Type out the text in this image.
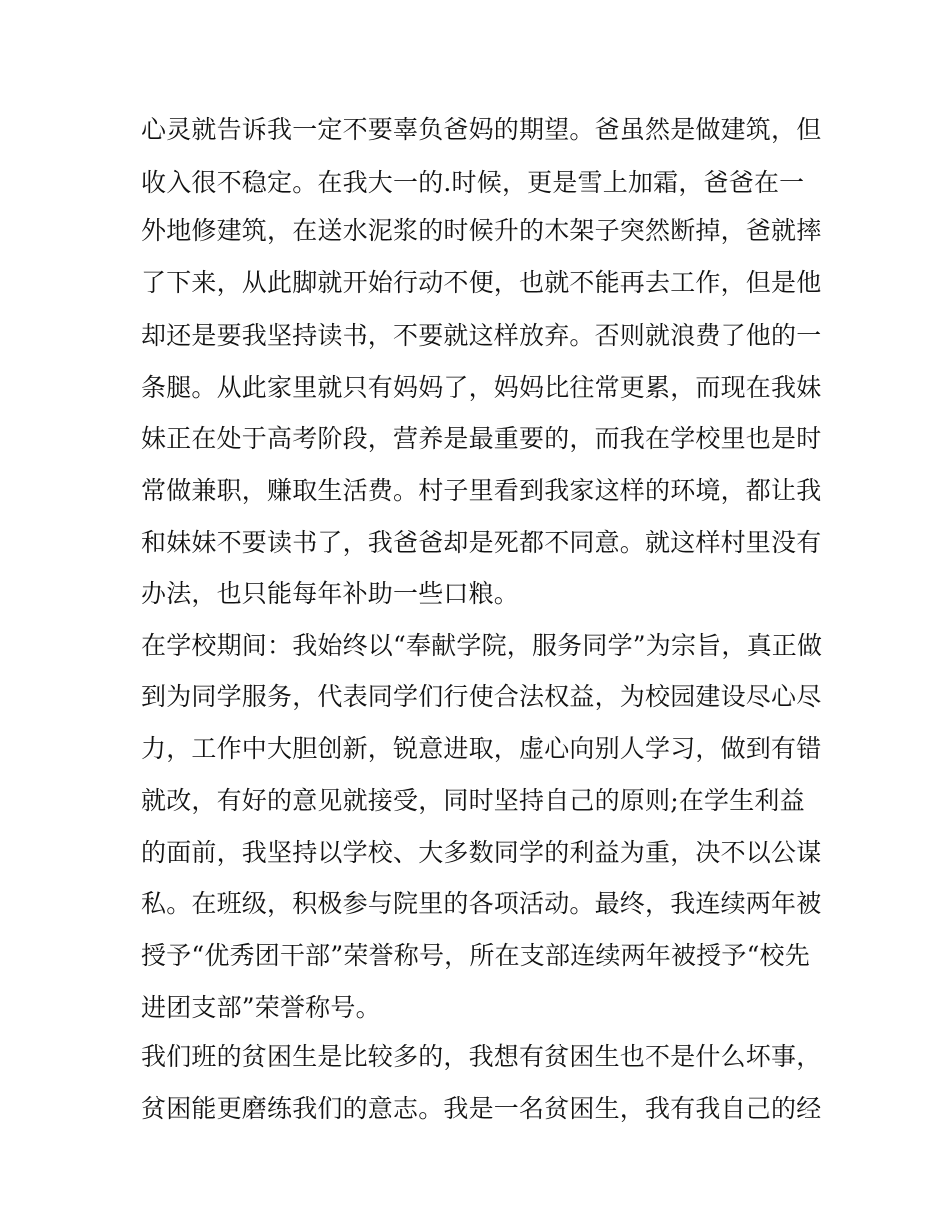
心灵就告诉我一定不要辜负爸妈的期望。爸虽然是做建筑，但
收入很不稳定。在我大一的.时候，更是雪上加霜，爸爸在一
外地修建筑，在送水泥浆的时候升的木架子突然断掉，爸就摔
了下来，从此脚就开始行动不便，也就不能再去工作，但是他
却还是要我坚持读书，不要就这样放弃。否则就浪费了他的一
条腿。从此家里就只有妈妈了，妈妈比往常更累，而现在我妹
妹正在处于高考阶段，营养是最重要的，而我在学校里也是时
常做兼职，赚取生活费。村子里看到我家这样的环境，都让我
和妹妹不要读书了，我爸爸却是死都不同意。就这样村里没有
办法，也只能每年补助一些口粮。
在学校期间：我始终以“奉献学院，服务同学”为宗旨，真正做
到为同学服务，代表同学们行使合法权益，为校园建设尽心尽
力，工作中大胆创新，锐意进取，虚心向别人学习，做到有错
就改，有好的意见就接受，同时坚持自己的原则;在学生利益
的面前，我坚持以学校、大多数同学的利益为重，决不以公谋
私。在班级，积极参与院里的各项活动。最终，我连续两年被
授予“优秀团干部”荣誉称号，所在支部连续两年被授予“校先
进团支部”荣誉称号。
我们班的贫困生是比较多的，我想有贫困生也不是什么坏事，
贫困能更磨练我们的意志。我是一名贫困生，我有我自己的经
